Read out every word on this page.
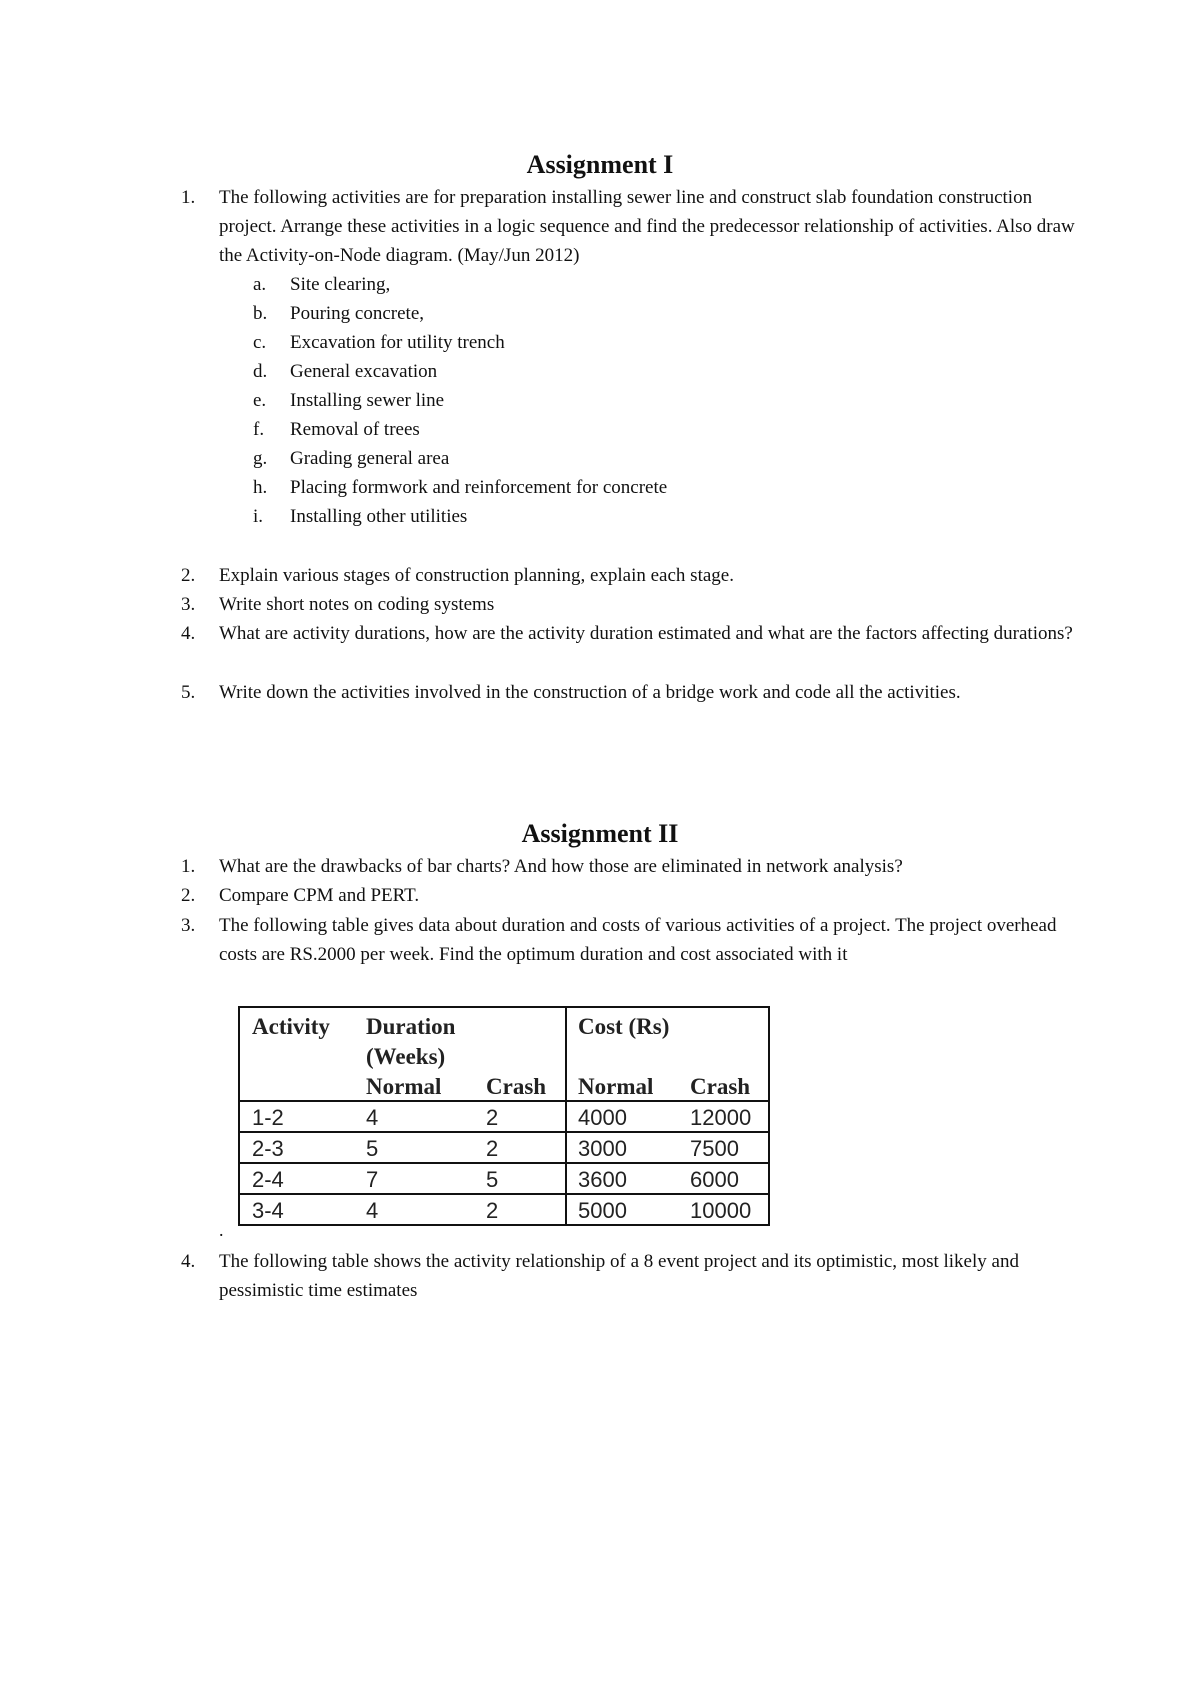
Assignment I
1. The following activities are for preparation installing sewer line and construct slab foundation construction project. Arrange these activities in a logic sequence and find the predecessor relationship of activities. Also draw the Activity-on-Node diagram. (May/Jun 2012)
a. Site clearing,
b. Pouring concrete,
c. Excavation for utility trench
d. General excavation
e. Installing sewer line
f. Removal of trees
g. Grading general area
h. Placing formwork and reinforcement for concrete
i. Installing other utilities
2. Explain various stages of construction planning, explain each stage.
3. Write short notes on coding systems
4. What are activity durations, how are the activity duration estimated and what are the factors affecting durations?
5. Write down the activities involved in the construction of a bridge work and code all the activities.
Assignment II
1. What are the drawbacks of bar charts? And how those are eliminated in network analysis?
2. Compare CPM and PERT.
3. The following table gives data about duration and costs of various activities of a project. The project overhead costs are RS.2000 per week. Find the optimum duration and cost associated with it
Activity Duration
(Weeks)
Cost (Rs)
Normal Crash Normal Crash
1-2	4	2	4000	12000
2-3	5	2	3000	7500
2-4	7	5	3600	6000
3-4	4	2	5000	10000
.
4. The following table shows the activity relationship of a 8 event project and its optimistic, most likely and pessimistic time estimates
